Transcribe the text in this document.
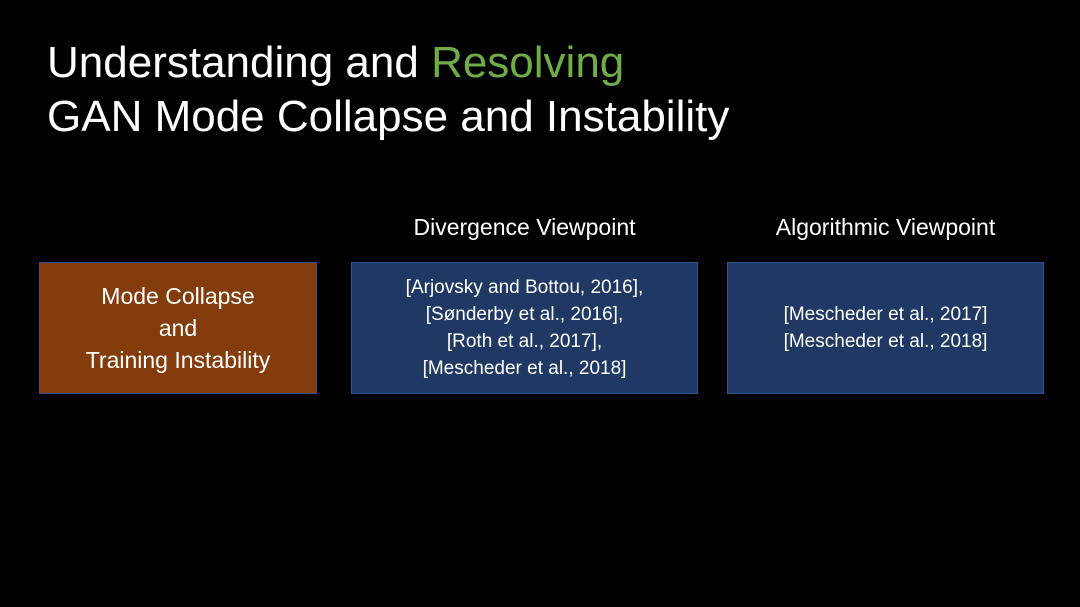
Understanding and Resolving
GAN Mode Collapse and Instability
Divergence Viewpoint	Algorithmic Viewpoint
Mode Collapse
and
Training Instability
[Arjovsky and Bottou, 2016],
[Sønderby et al., 2016],
[Roth et al., 2017],
[Mescheder et al., 2018]
[Mescheder et al., 2017]
[Mescheder et al., 2018]
